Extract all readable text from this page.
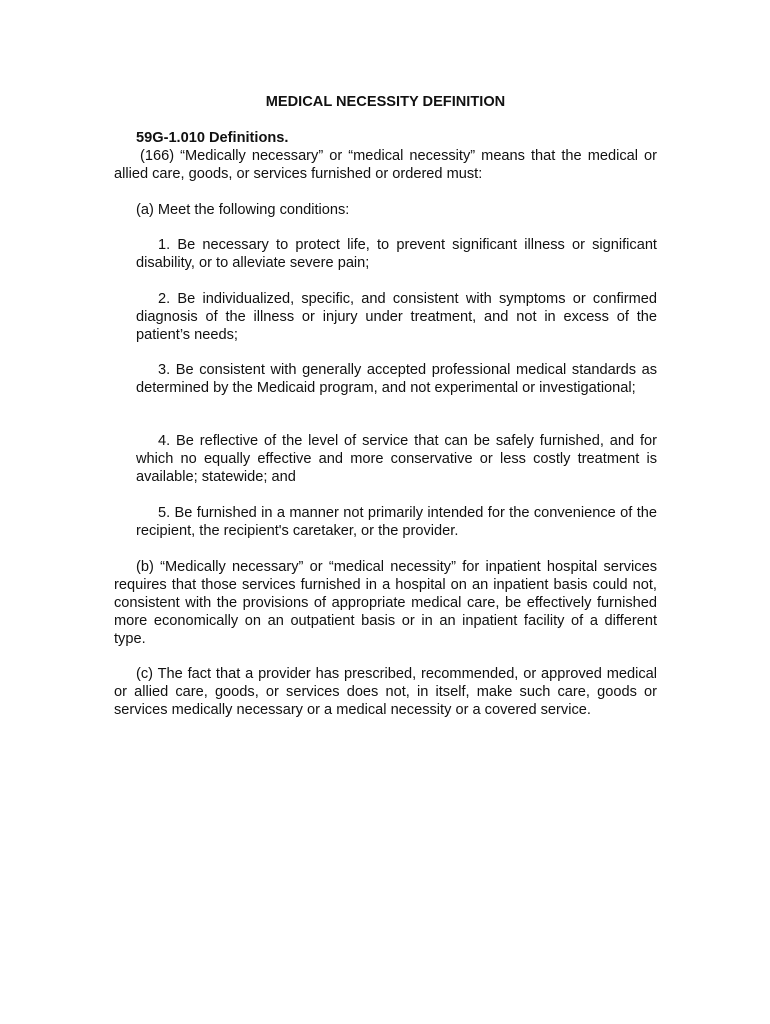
MEDICAL NECESSITY DEFINITION
59G-1.010 Definitions.
(166) “Medically necessary” or “medical necessity” means that the medical or allied care, goods, or services furnished or ordered must:
(a) Meet the following conditions:
1. Be necessary to protect life, to prevent significant illness or significant disability, or to alleviate severe pain;
2. Be individualized, specific, and consistent with symptoms or confirmed diagnosis of the illness or injury under treatment, and not in excess of the patient’s needs;
3. Be consistent with generally accepted professional medical standards as determined by the Medicaid program, and not experimental or investigational;
4. Be reflective of the level of service that can be safely furnished, and for which no equally effective and more conservative or less costly treatment is available; statewide; and
5. Be furnished in a manner not primarily intended for the convenience of the recipient, the recipient's caretaker, or the provider.
(b) “Medically necessary” or “medical necessity” for inpatient hospital services requires that those services furnished in a hospital on an inpatient basis could not, consistent with the provisions of appropriate medical care, be effectively furnished more economically on an outpatient basis or in an inpatient facility of a different type.
(c) The fact that a provider has prescribed, recommended, or approved medical or allied care, goods, or services does not, in itself, make such care, goods or services medically necessary or a medical necessity or a covered service.
